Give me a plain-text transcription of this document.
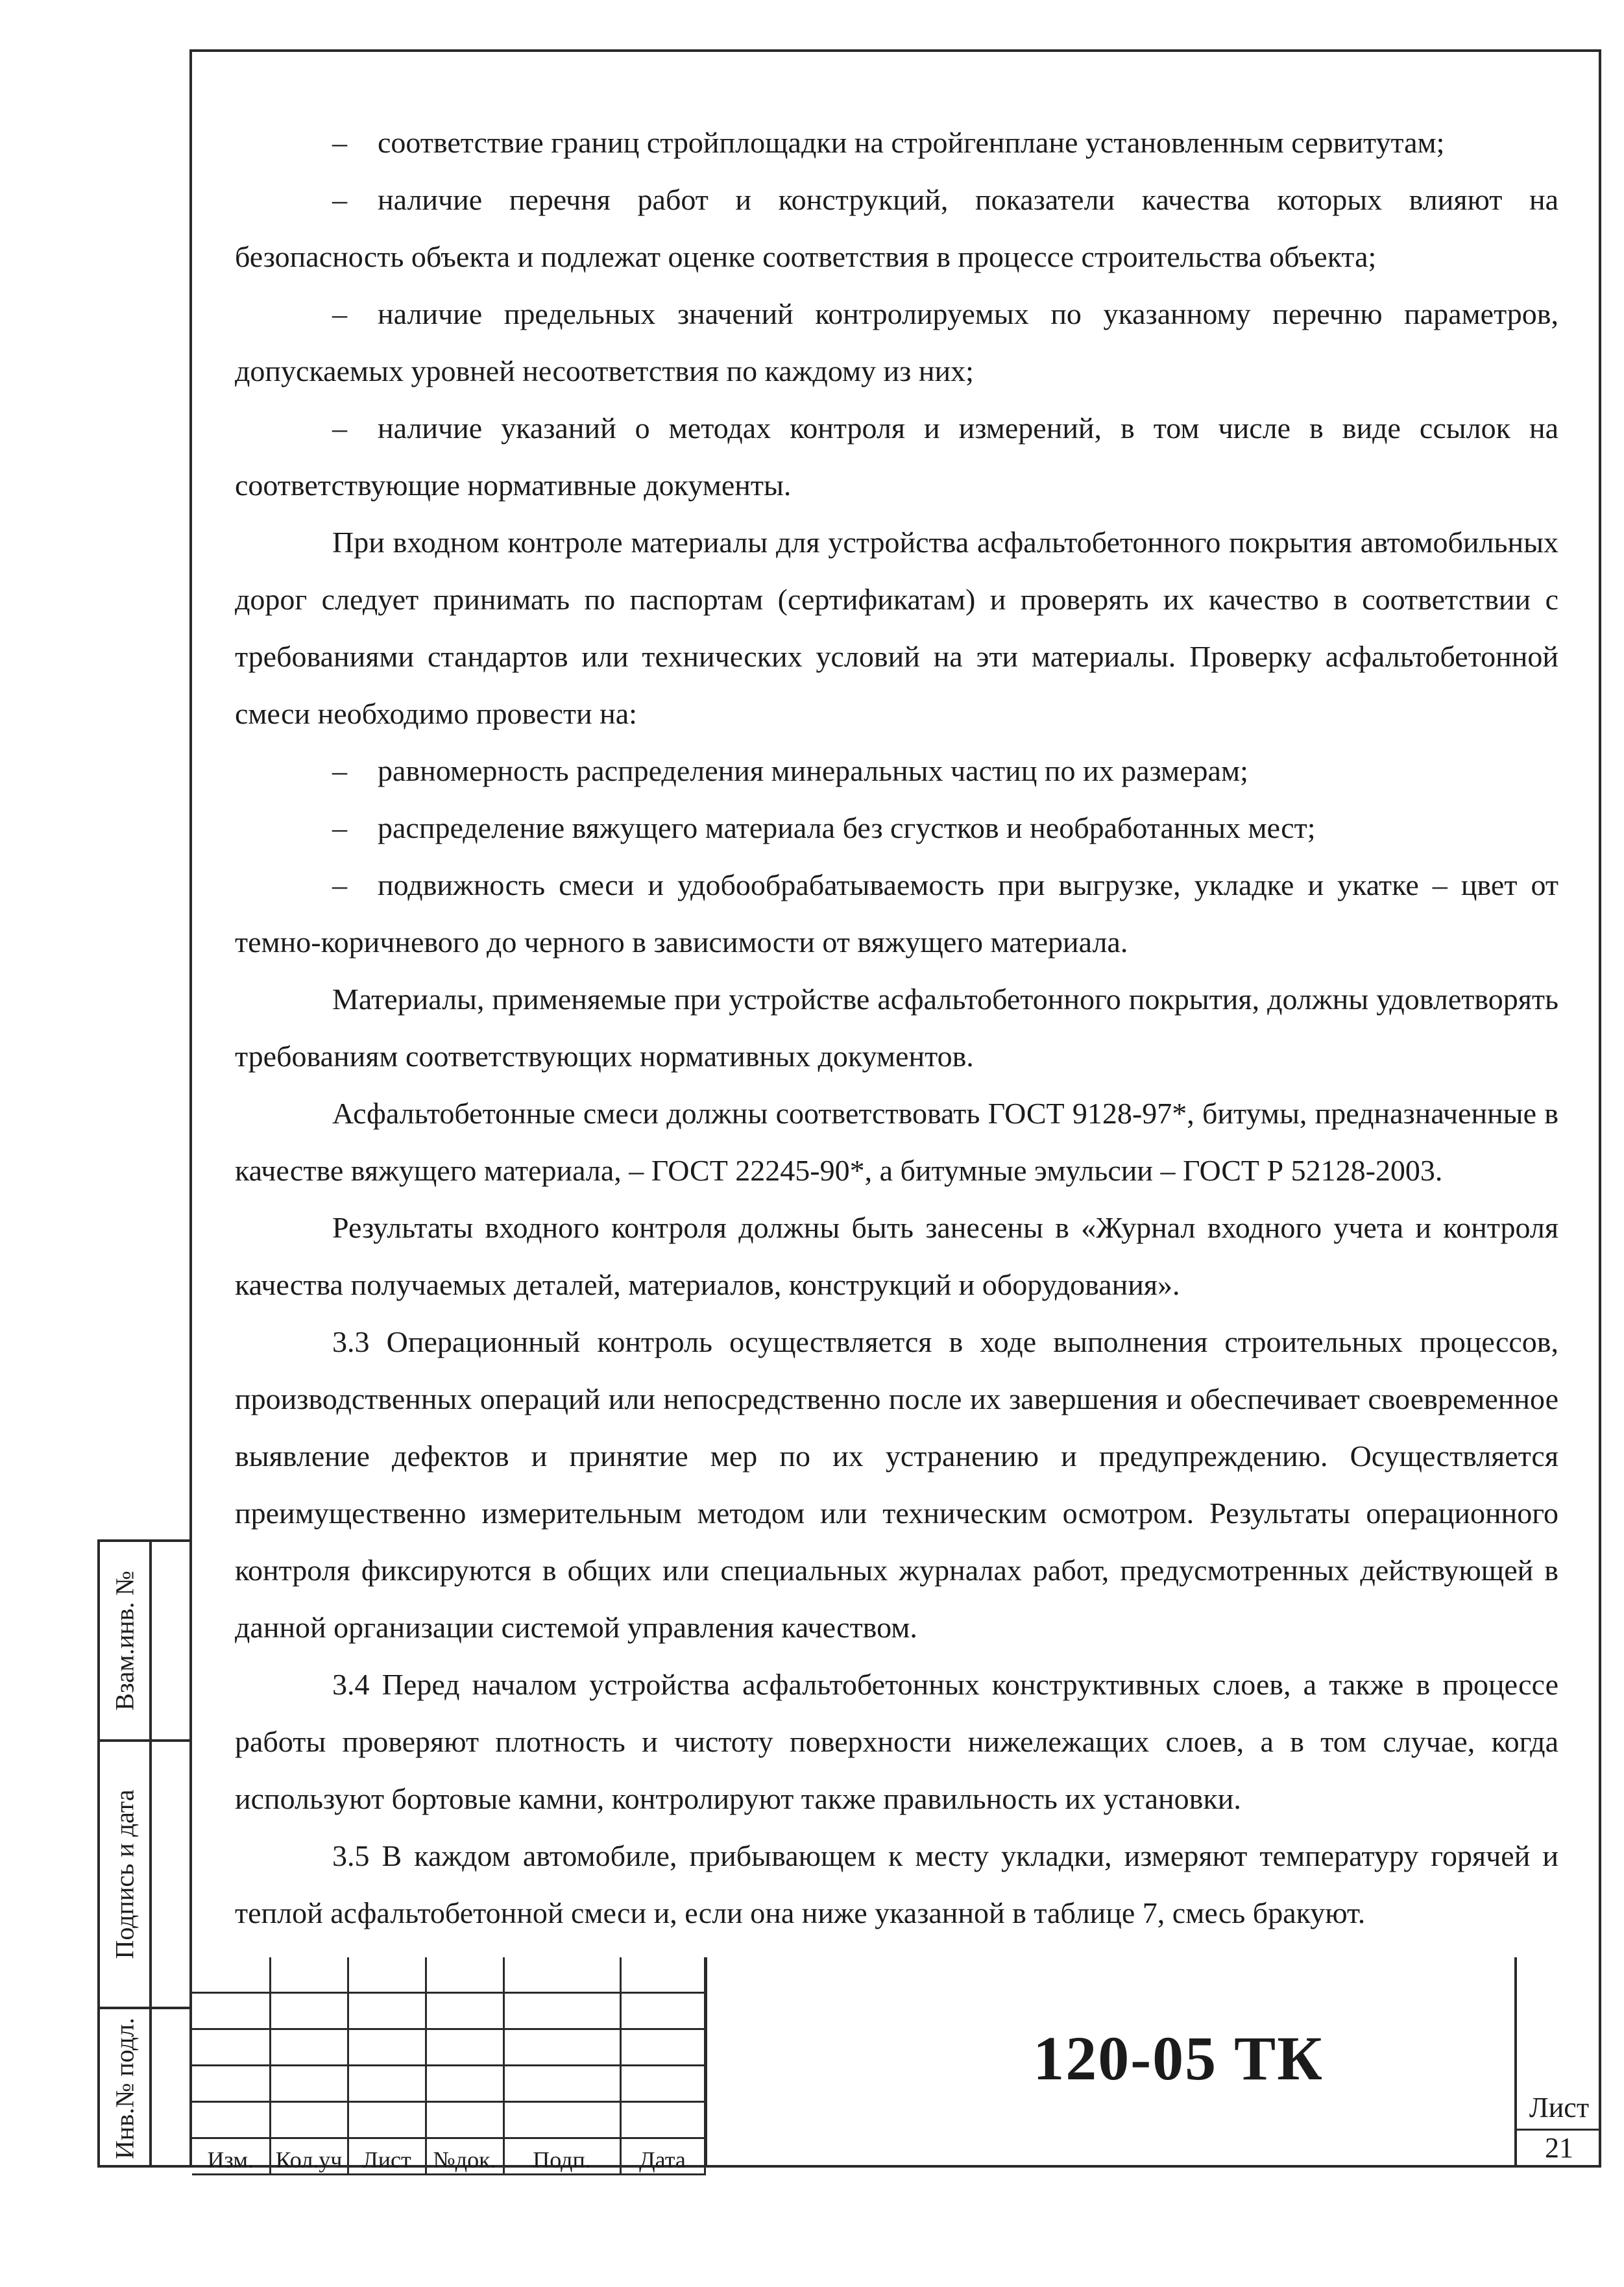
Взам.инв. №
Подпись и дата
Инв.№ подл.

– соответствие границ стройплощадки на стройгенплане установленным сервитутам;

– наличие перечня работ и конструкций, показатели качества которых влияют на безопасность объекта и подлежат оценке соответствия в процессе строительства объекта;

– наличие предельных значений контролируемых по указанному перечню параметров, допускаемых уровней несоответствия по каждому из них;

– наличие указаний о методах контроля и измерений, в том числе в виде ссылок на соответствующие нормативные документы.

При входном контроле материалы для устройства асфальтобетонного покрытия автомобильных дорог следует принимать по паспортам (сертификатам) и проверять их качество в соответствии с требованиями стандартов или технических условий на эти материалы. Проверку асфальтобетонной смеси необходимо провести на:

– равномерность распределения минеральных частиц по их размерам;

– распределение вяжущего материала без сгустков и необработанных мест;

– подвижность смеси и удобообрабатываемость при выгрузке, укладке и укатке – цвет от темно-коричневого до черного в зависимости от вяжущего материала.

Материалы, применяемые при устройстве асфальтобетонного покрытия, должны удовлетворять требованиям соответствующих нормативных документов.

Асфальтобетонные смеси должны соответствовать ГОСТ 9128-97*, битумы, предназначенные в качестве вяжущего материала, – ГОСТ 22245-90*, а битумные эмульсии – ГОСТ Р 52128-2003.

Результаты входного контроля должны быть занесены в «Журнал входного учета и контроля качества получаемых деталей, материалов, конструкций и оборудования».

3.3 Операционный контроль осуществляется в ходе выполнения строительных процессов, производственных операций или непосредственно после их завершения и обеспечивает своевременное выявление дефектов и принятие мер по их устранению и предупреждению. Осуществляется преимущественно измерительным методом или техническим осмотром. Результаты операционного контроля фиксируются в общих или специальных журналах работ, предусмотренных действующей в данной организации системой управления качеством.

3.4 Перед началом устройства асфальтобетонных конструктивных слоев, а также в процессе работы проверяют плотность и чистоту поверхности нижележащих слоев, а в том случае, когда используют бортовые камни, контролируют также правильность их установки.

3.5 В каждом автомобиле, прибывающем к месту укладки, измеряют температуру горячей и теплой асфальтобетонной смеси и, если она ниже указанной в таблице 7, смесь бракуют.

Изм.	Кол.уч	Лист	№док.	Подп.	Дата
120-05 ТК
Лист
21
